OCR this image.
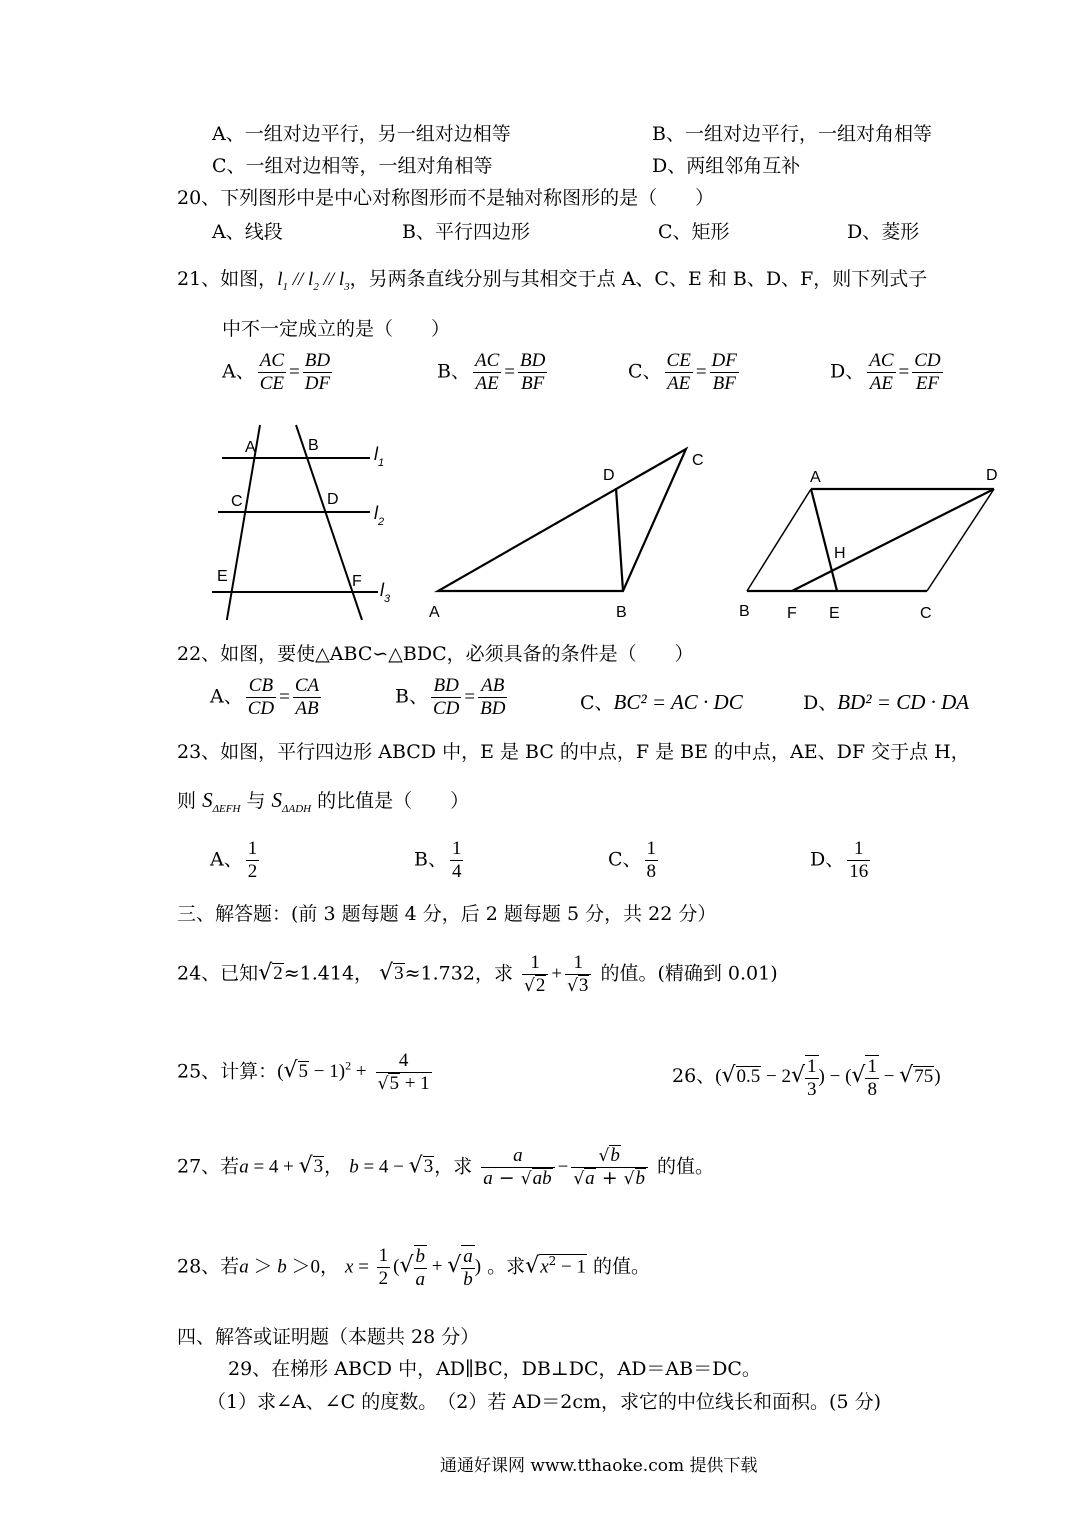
A、一组对边平行，另一组对边相等	B、一组对边平行，一组对角相等
C、一组对边相等，一组对角相等	D、两组邻角互补
20、下列图形中是中心对称图形而不是轴对称图形的是（　　）
A、线段	B、平行四边形	C、矩形	D、菱形
21、如图，$l_1 // l_2 // l_3$，另两条直线分别与其相交于点 A、C、E 和 B、D、F，则下列式子
中不一定成立的是（　　）
A、 $\frac{AC}{CE} = \frac{BD}{DF}$	B、 $\frac{AC}{AE} = \frac{BD}{BF}$	C、 $\frac{CE}{AE} = \frac{DF}{BF}$	D、 $\frac{AC}{AE} = \frac{CD}{EF}$
A	B
C	D
E	F
$l_1$
$l_2$
$l_3$
A	B
C
D	A	D
B F E	C
H
22、如图，要使△ABC∽△BDC，必须具备的条件是（　　）
A、 $\frac{CB}{CD} = \frac{CA}{AB}$	B、 $\frac{BD}{CD} = \frac{AB}{BD}$	C、BC² = AC · DC	D、BD² = CD · DA
23、如图，平行四边形 ABCD 中，E 是 BC 的中点，F 是 BE 的中点，AE、DF 交于点 H，
则 $S_{\Delta EFH}$ 与 $S_{\Delta ADH}$ 的比值是（　　）
A、 $\frac{1}{2}$	B、 $\frac{1}{4}$	C、 $\frac{1}{8}$	D、 $\frac{1}{16}$
三、解答题：(前 3 题每题 4 分，后 2 题每题 5 分，共 22 分）
24、已知√2≈1.414， √3≈1.732，求 $\frac{1}{√2} + \frac{1}{√3}$ 的值。(精确到 0.01)
25、计算：$(√5 - 1)^2 + \frac{4}{√5 + 1}$	26、($√0.5 - 2√ \frac{1}{3}$ ) − (√ $\frac{1}{8} - √75$)
27、若a = 4 + √3， b = 4 − √3，求 $\frac{a}{a - √ab} - \frac{√b}{√a + √b}$ 的值。
28、若a ＞ b ＞0， $x = \frac{1}{2}$ (√ $\frac{b}{a}$ + √ $\frac{a}{b}$ ) 。求$√x^2 - 1$ 的值。
四、解答或证明题（本题共 28 分）
29、在梯形 ABCD 中，AD∥BC，DB⊥DC，AD＝AB＝DC。
（1）求∠A、∠C 的度数。　（2）若 AD＝2cm，求它的中位线长和面积。(5 分)
通通好课网 www.tthaoke.com 提供下载
